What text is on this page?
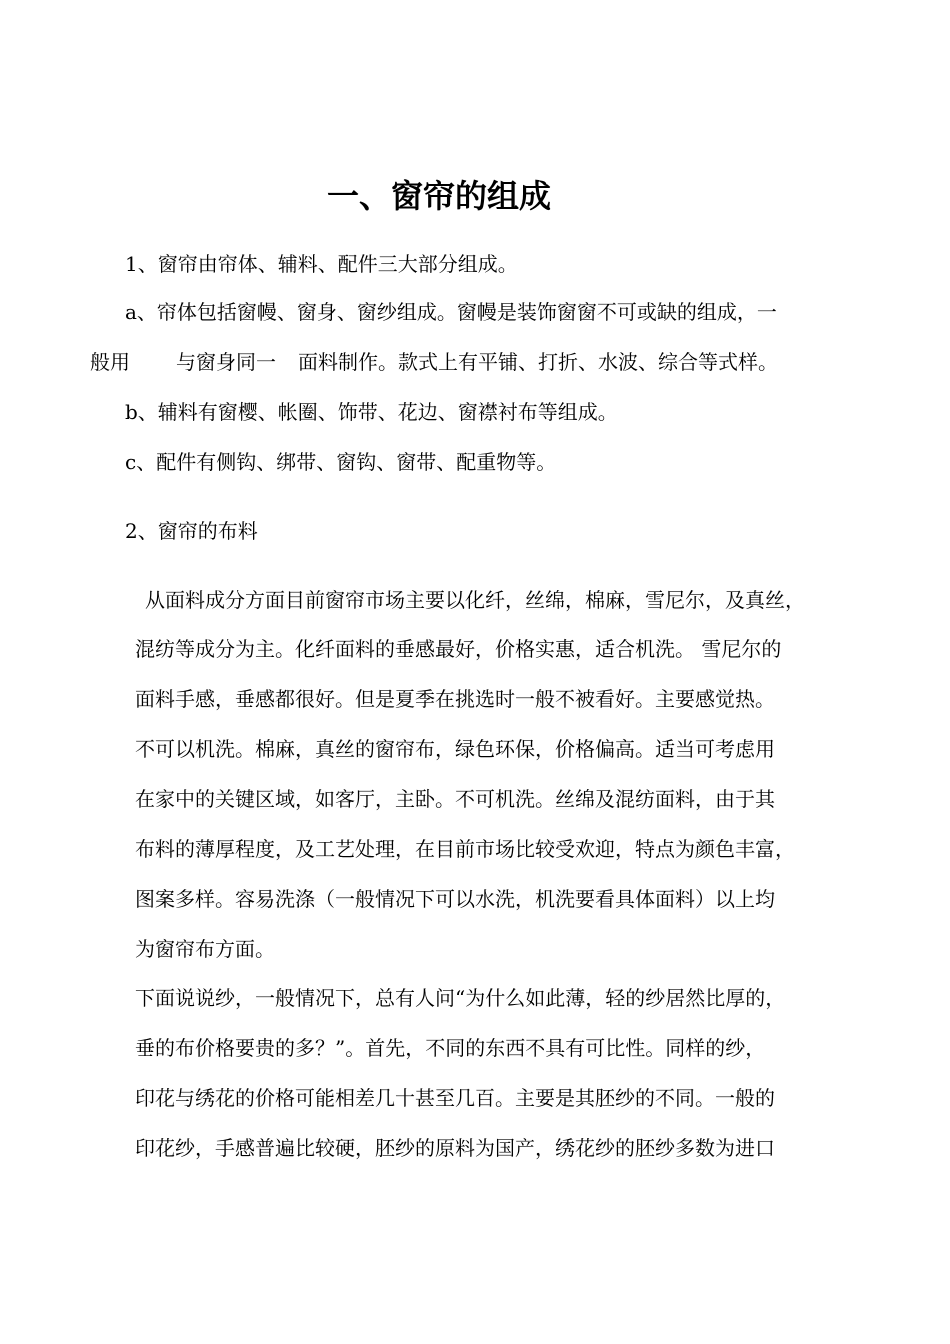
一、窗帘的组成
1、窗帘由帘体、辅料、配件三大部分组成。
a、帘体包括窗幔、窗身、窗纱组成。窗幔是装饰窗窗不可或缺的组成，一
般用 与窗身同一 面料制作。款式上有平铺、打折、水波、综合等式样。
b、辅料有窗樱、帐圈、饰带、花边、窗襟衬布等组成。
c、配件有侧钩、绑带、窗钩、窗带、配重物等。
2、窗帘的布料
从面料成分方面目前窗帘市场主要以化纤，丝绵，棉麻，雪尼尔，及真丝，
混纺等成分为主。化纤面料的垂感最好，价格实惠，适合机洗。 雪尼尔的
面料手感，垂感都很好。但是夏季在挑选时一般不被看好。主要感觉热。
不可以机洗。棉麻，真丝的窗帘布，绿色环保，价格偏高。适当可考虑用
在家中的关键区域，如客厅，主卧。不可机洗。丝绵及混纺面料，由于其
布料的薄厚程度，及工艺处理，在目前市场比较受欢迎，特点为颜色丰富，
图案多样。容易洗涤（一般情况下可以水洗，机洗要看具体面料）以上均
为窗帘布方面。
下面说说纱，一般情况下，总有人问“为什么如此薄，轻的纱居然比厚的，
垂的布价格要贵的多？”。首先，不同的东西不具有可比性。同样的纱，
印花与绣花的价格可能相差几十甚至几百。主要是其胚纱的不同。一般的
印花纱，手感普遍比较硬，胚纱的原料为国产，绣花纱的胚纱多数为进口
